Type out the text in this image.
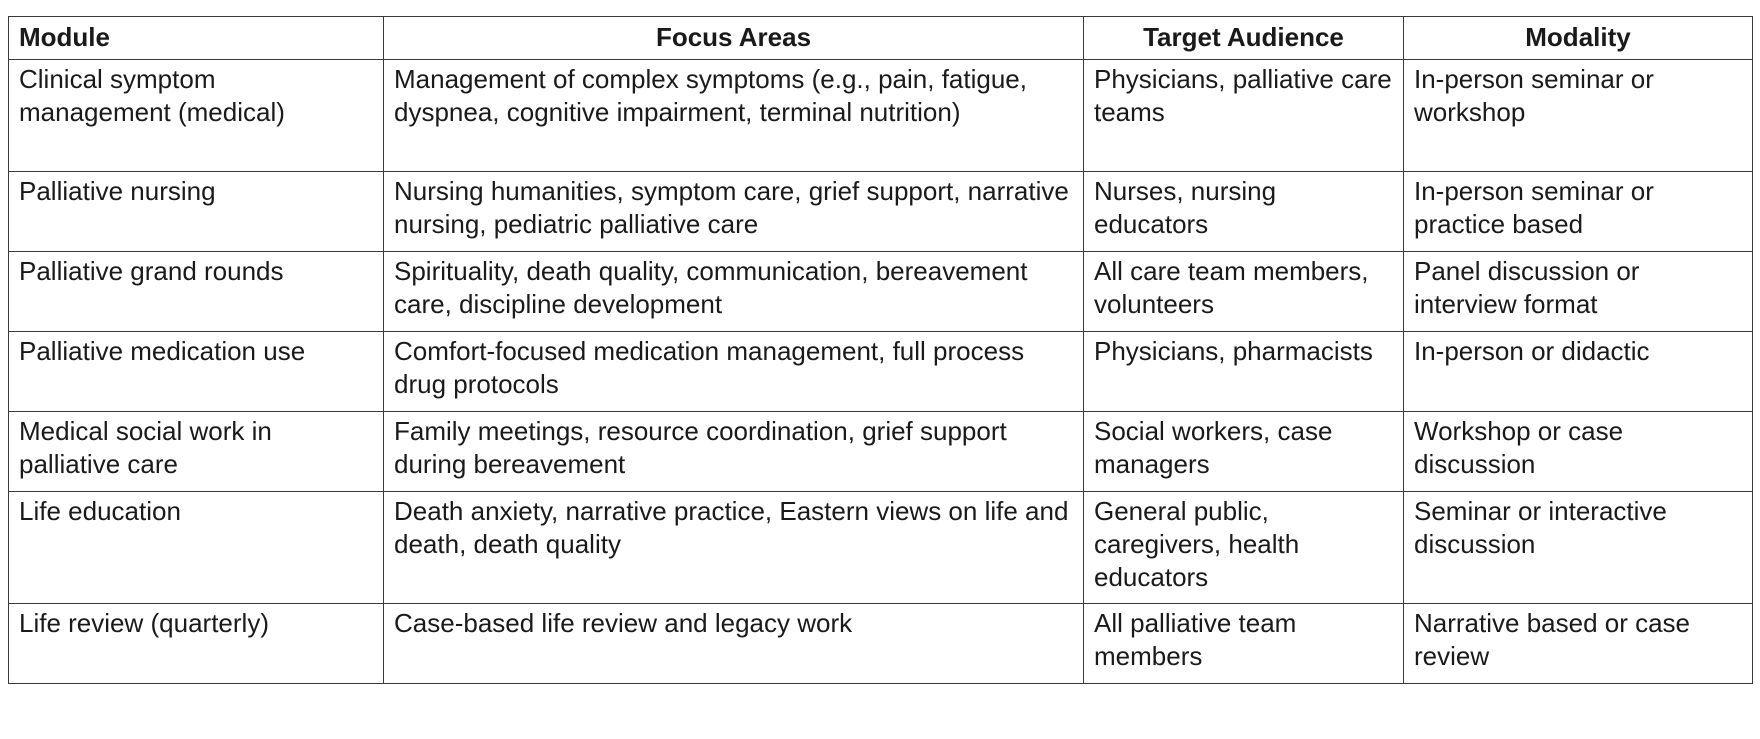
Module	Focus Areas	Target Audience	Modality
Clinical symptom management (medical)	Management of complex symptoms (e.g., pain, fatigue, dyspnea, cognitive impairment, terminal nutrition)	Physicians, palliative care teams	In-person seminar or workshop
Palliative nursing	Nursing humanities, symptom care, grief support, narrative nursing, pediatric palliative care	Nurses, nursing educators	In-person seminar or practice based
Palliative grand rounds	Spirituality, death quality, communication, bereavement care, discipline development	All care team members, volunteers	Panel discussion or interview format
Palliative medication use	Comfort-focused medication management, full process drug protocols	Physicians, pharmacists	In-person or didactic
Medical social work in palliative care	Family meetings, resource coordination, grief support during bereavement	Social workers, case managers	Workshop or case discussion
Life education	Death anxiety, narrative practice, Eastern views on life and death, death quality	General public, caregivers, health educators	Seminar or interactive discussion
Life review (quarterly)	Case-based life review and legacy work	All palliative team members	Narrative based or case review
